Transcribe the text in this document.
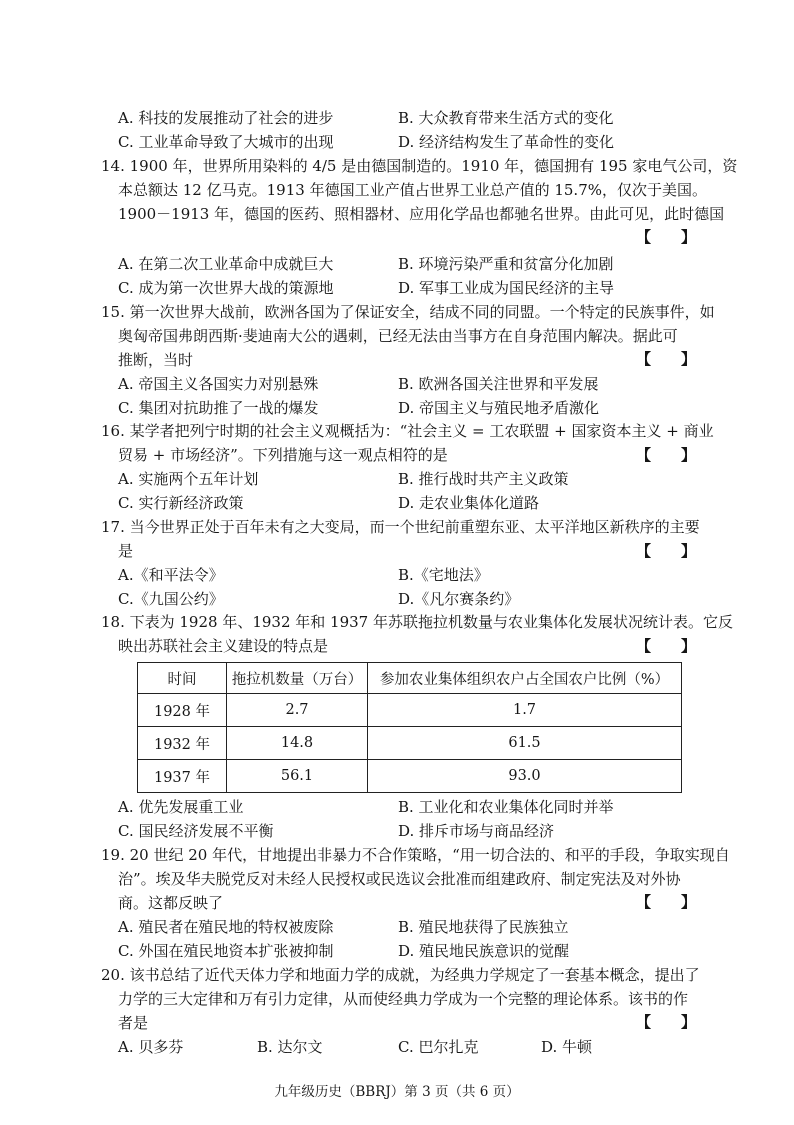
A. 科技的发展推动了社会的进步	B. 大众教育带来生活方式的变化
C. 工业革命导致了大城市的出现	D. 经济结构发生了革命性的变化
14. 1900 年，世界所用染料的 4/5 是由德国制造的。1910 年，德国拥有 195 家电气公司，资
本总额达 12 亿马克。1913 年德国工业产值占世界工业总产值的 15.7%，仅次于美国。
1900－1913 年，德国的医药、照相器材、应用化学品也都驰名世界。由此可见，此时德国
【　　】
A. 在第二次工业革命中成就巨大	B. 环境污染严重和贫富分化加剧
C. 成为第一次世界大战的策源地	D. 军事工业成为国民经济的主导
15. 第一次世界大战前，欧洲各国为了保证安全，结成不同的同盟。一个特定的民族事件，如
奥匈帝国弗朗西斯·斐迪南大公的遇刺，已经无法由当事方在自身范围内解决。据此可
推断，当时	【　　】
A. 帝国主义各国实力对别悬殊	B. 欧洲各国关注世界和平发展
C. 集团对抗助推了一战的爆发	D. 帝国主义与殖民地矛盾激化
16. 某学者把列宁时期的社会主义观概括为：“社会主义 = 工农联盟 + 国家资本主义 + 商业
贸易 + 市场经济”。下列措施与这一观点相符的是	【　　】
A. 实施两个五年计划	B. 推行战时共产主义政策
C. 实行新经济政策	D. 走农业集体化道路
17. 当今世界正处于百年未有之大变局，而一个世纪前重塑东亚、太平洋地区新秩序的主要
是	【　　】
A.《和平法令》	B.《宅地法》
C.《九国公约》	D.《凡尔赛条约》
18. 下表为 1928 年、1932 年和 1937 年苏联拖拉机数量与农业集体化发展状况统计表。它反
映出苏联社会主义建设的特点是	【　　】
时间	拖拉机数量（万台）	参加农业集体组织农户占全国农户比例（%）
1928 年	2.7	1.7
1932 年	14.8	61.5
1937 年	56.1	93.0
A. 优先发展重工业	B. 工业化和农业集体化同时并举
C. 国民经济发展不平衡	D. 排斥市场与商品经济
19. 20 世纪 20 年代，甘地提出非暴力不合作策略，“用一切合法的、和平的手段，争取实现自
治”。埃及华夫脱党反对未经人民授权或民选议会批准而组建政府、制定宪法及对外协
商。这都反映了	【　　】
A. 殖民者在殖民地的特权被废除	B. 殖民地获得了民族独立
C. 外国在殖民地资本扩张被抑制	D. 殖民地民族意识的觉醒
20. 该书总结了近代天体力学和地面力学的成就，为经典力学规定了一套基本概念，提出了
力学的三大定律和万有引力定律，从而使经典力学成为一个完整的理论体系。该书的作
者是	【　　】
A. 贝多芬	B. 达尔文	C. 巴尔扎克	D. 牛顿
九年级历史（BBRJ）第 3 页（共 6 页）
